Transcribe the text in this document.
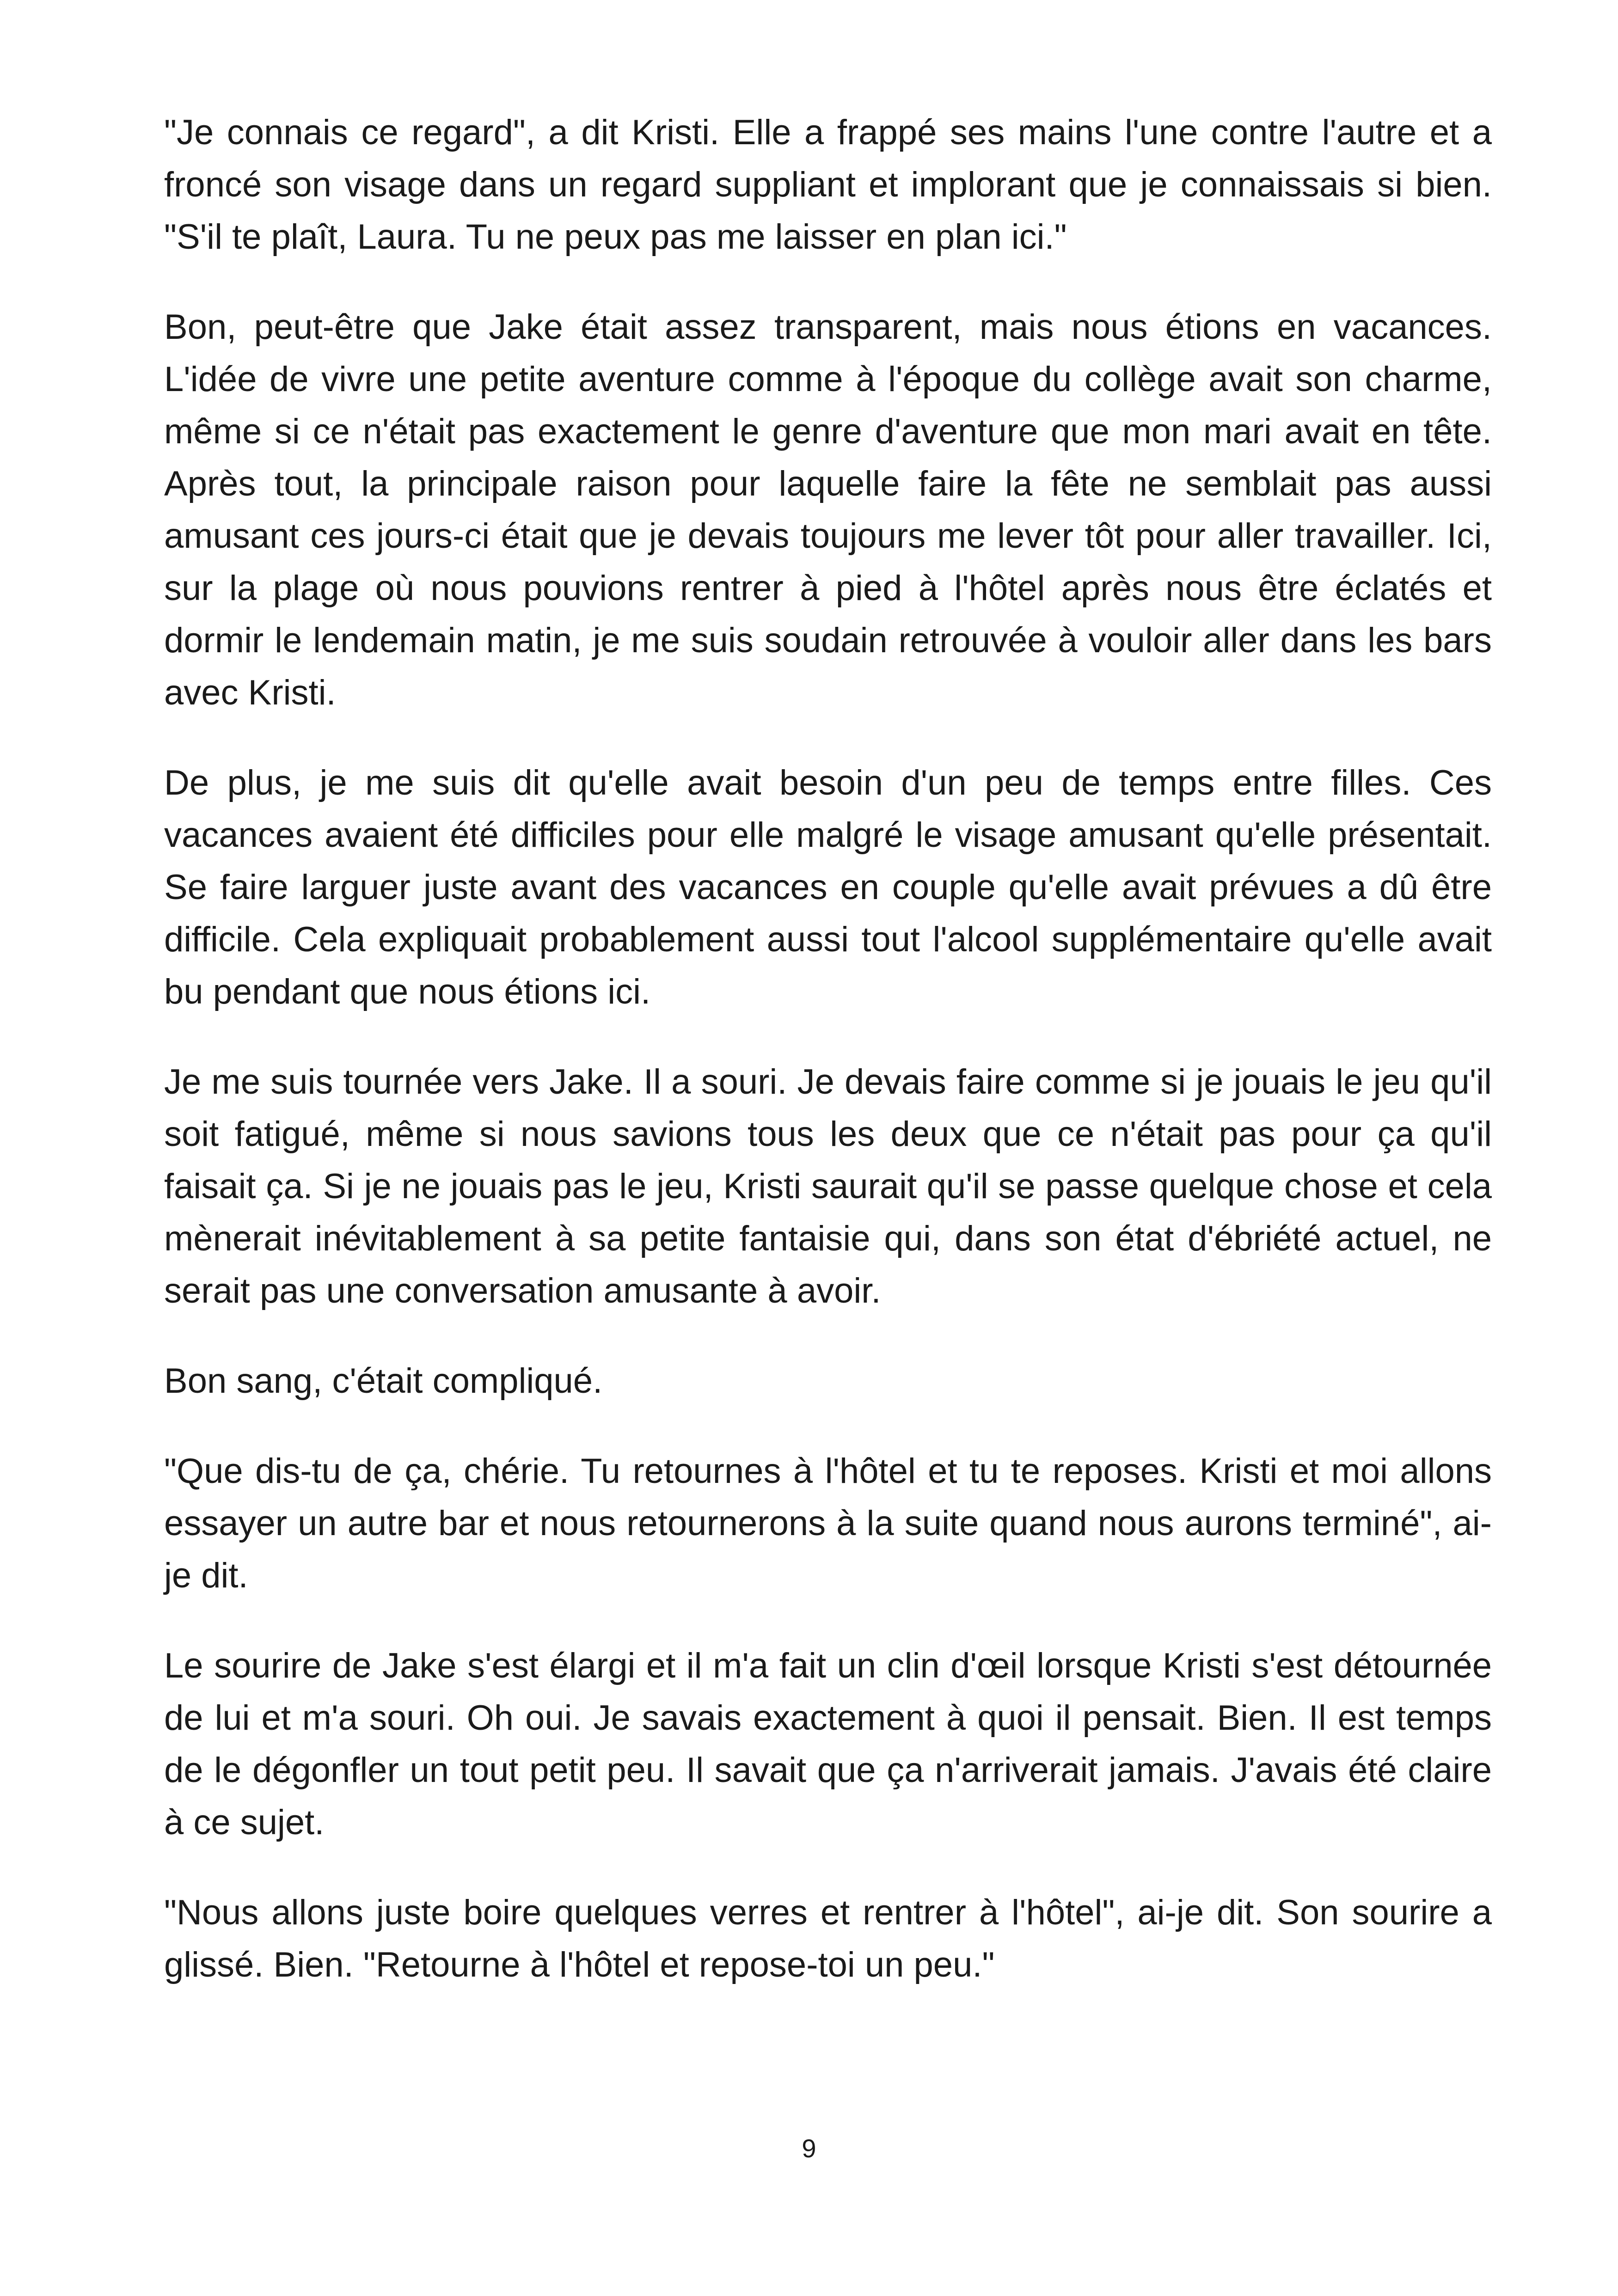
"Je connais ce regard", a dit Kristi. Elle a frappé ses mains l'une contre l'autre et a froncé son visage dans un regard suppliant et implorant que je connaissais si bien. "S'il te plaît, Laura. Tu ne peux pas me laisser en plan ici."

Bon, peut-être que Jake était assez transparent, mais nous étions en vacances. L'idée de vivre une petite aventure comme à l'époque du collège avait son charme, même si ce n'était pas exactement le genre d'aventure que mon mari avait en tête. Après tout, la principale raison pour laquelle faire la fête ne semblait pas aussi amusant ces jours-ci était que je devais toujours me lever tôt pour aller travailler. Ici, sur la plage où nous pouvions rentrer à pied à l'hôtel après nous être éclatés et dormir le lendemain matin, je me suis soudain retrouvée à vouloir aller dans les bars avec Kristi.

De plus, je me suis dit qu'elle avait besoin d'un peu de temps entre filles. Ces vacances avaient été difficiles pour elle malgré le visage amusant qu'elle présentait. Se faire larguer juste avant des vacances en couple qu'elle avait prévues a dû être difficile. Cela expliquait probablement aussi tout l'alcool supplémentaire qu'elle avait bu pendant que nous étions ici.

Je me suis tournée vers Jake. Il a souri. Je devais faire comme si je jouais le jeu qu'il soit fatigué, même si nous savions tous les deux que ce n'était pas pour ça qu'il faisait ça. Si je ne jouais pas le jeu, Kristi saurait qu'il se passe quelque chose et cela mènerait inévitablement à sa petite fantaisie qui, dans son état d'ébriété actuel, ne serait pas une conversation amusante à avoir.

Bon sang, c'était compliqué.

"Que dis-tu de ça, chérie. Tu retournes à l'hôtel et tu te reposes. Kristi et moi allons essayer un autre bar et nous retournerons à la suite quand nous aurons terminé", ai-je dit.

Le sourire de Jake s'est élargi et il m'a fait un clin d'œil lorsque Kristi s'est détournée de lui et m'a souri. Oh oui. Je savais exactement à quoi il pensait. Bien. Il est temps de le dégonfler un tout petit peu. Il savait que ça n'arriverait jamais. J'avais été claire à ce sujet.

"Nous allons juste boire quelques verres et rentrer à l'hôtel", ai-je dit. Son sourire a glissé. Bien. "Retourne à l'hôtel et repose-toi un peu."

9
